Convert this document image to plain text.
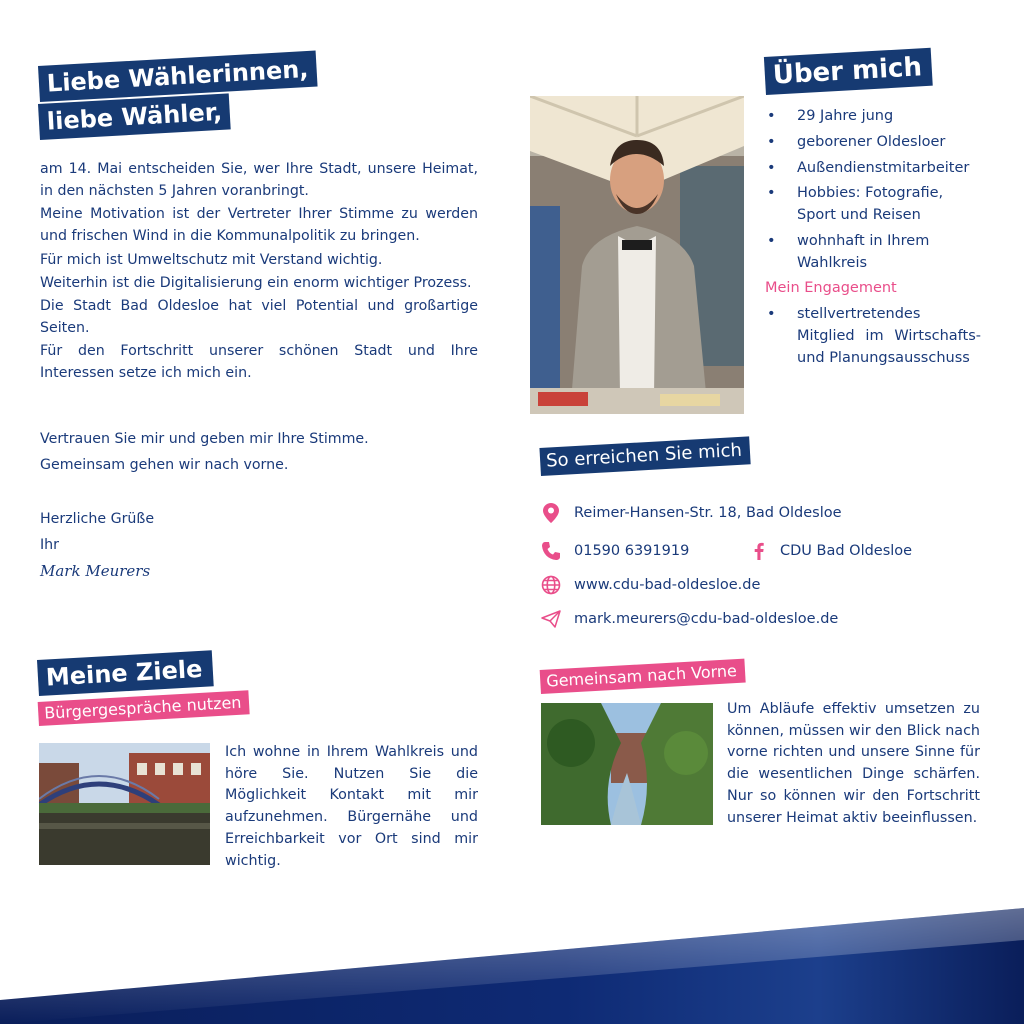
Liebe Wählerinnen,
liebe Wähler,

am 14. Mai entscheiden Sie, wer Ihre Stadt, unsere Heimat, in den nächsten 5 Jahren voranbringt.

Meine Motivation ist der Vertreter Ihrer Stimme zu werden und frischen Wind in die Kommunalpolitik zu bringen.

Für mich ist Umweltschutz mit Verstand wichtig.

Weiterhin ist die Digitalisierung ein enorm wichtiger Prozess.

Die Stadt Bad Oldesloe hat viel Potential und großartige Seiten.

Für den Fortschritt unserer schönen Stadt und Ihre Interessen setze ich mich ein.

Vertrauen Sie mir und geben mir Ihre Stimme.

Gemeinsam gehen wir nach vorne.

Herzliche Grüße

Ihr

Mark Meurers

Über mich
• 29 Jahre jung
• geborener Oldesloer
• Außendienstmitarbeiter
• Hobbies: Fotografie, Sport und Reisen
• wohnhaft in Ihrem Wahlkreis
Mein Engagement
• stellvertretendes Mitglied im Wirtschafts- und Planungsausschuss
So erreichen Sie mich
Reimer-Hansen-Str. 18, Bad Oldesloe
01590 6391919	CDU Bad Oldesloe
www.cdu-bad-oldesloe.de
mark.meurers@cdu-bad-oldesloe.de
Meine Ziele
Bürgergespräche nutzen
Ich wohne in Ihrem Wahlkreis und höre Sie. Nutzen Sie die Möglichkeit Kontakt mit mir aufzunehmen. Bürgernähe und Erreichbarkeit vor Ort sind mir wichtig.
Gemeinsam nach Vorne
Um Abläufe effektiv umsetzen zu können, müssen wir den Blick nach vorne richten und unsere Sinne für die wesentlichen Dinge schärfen. Nur so können wir den Fortschritt unserer Heimat aktiv beeinflussen.
